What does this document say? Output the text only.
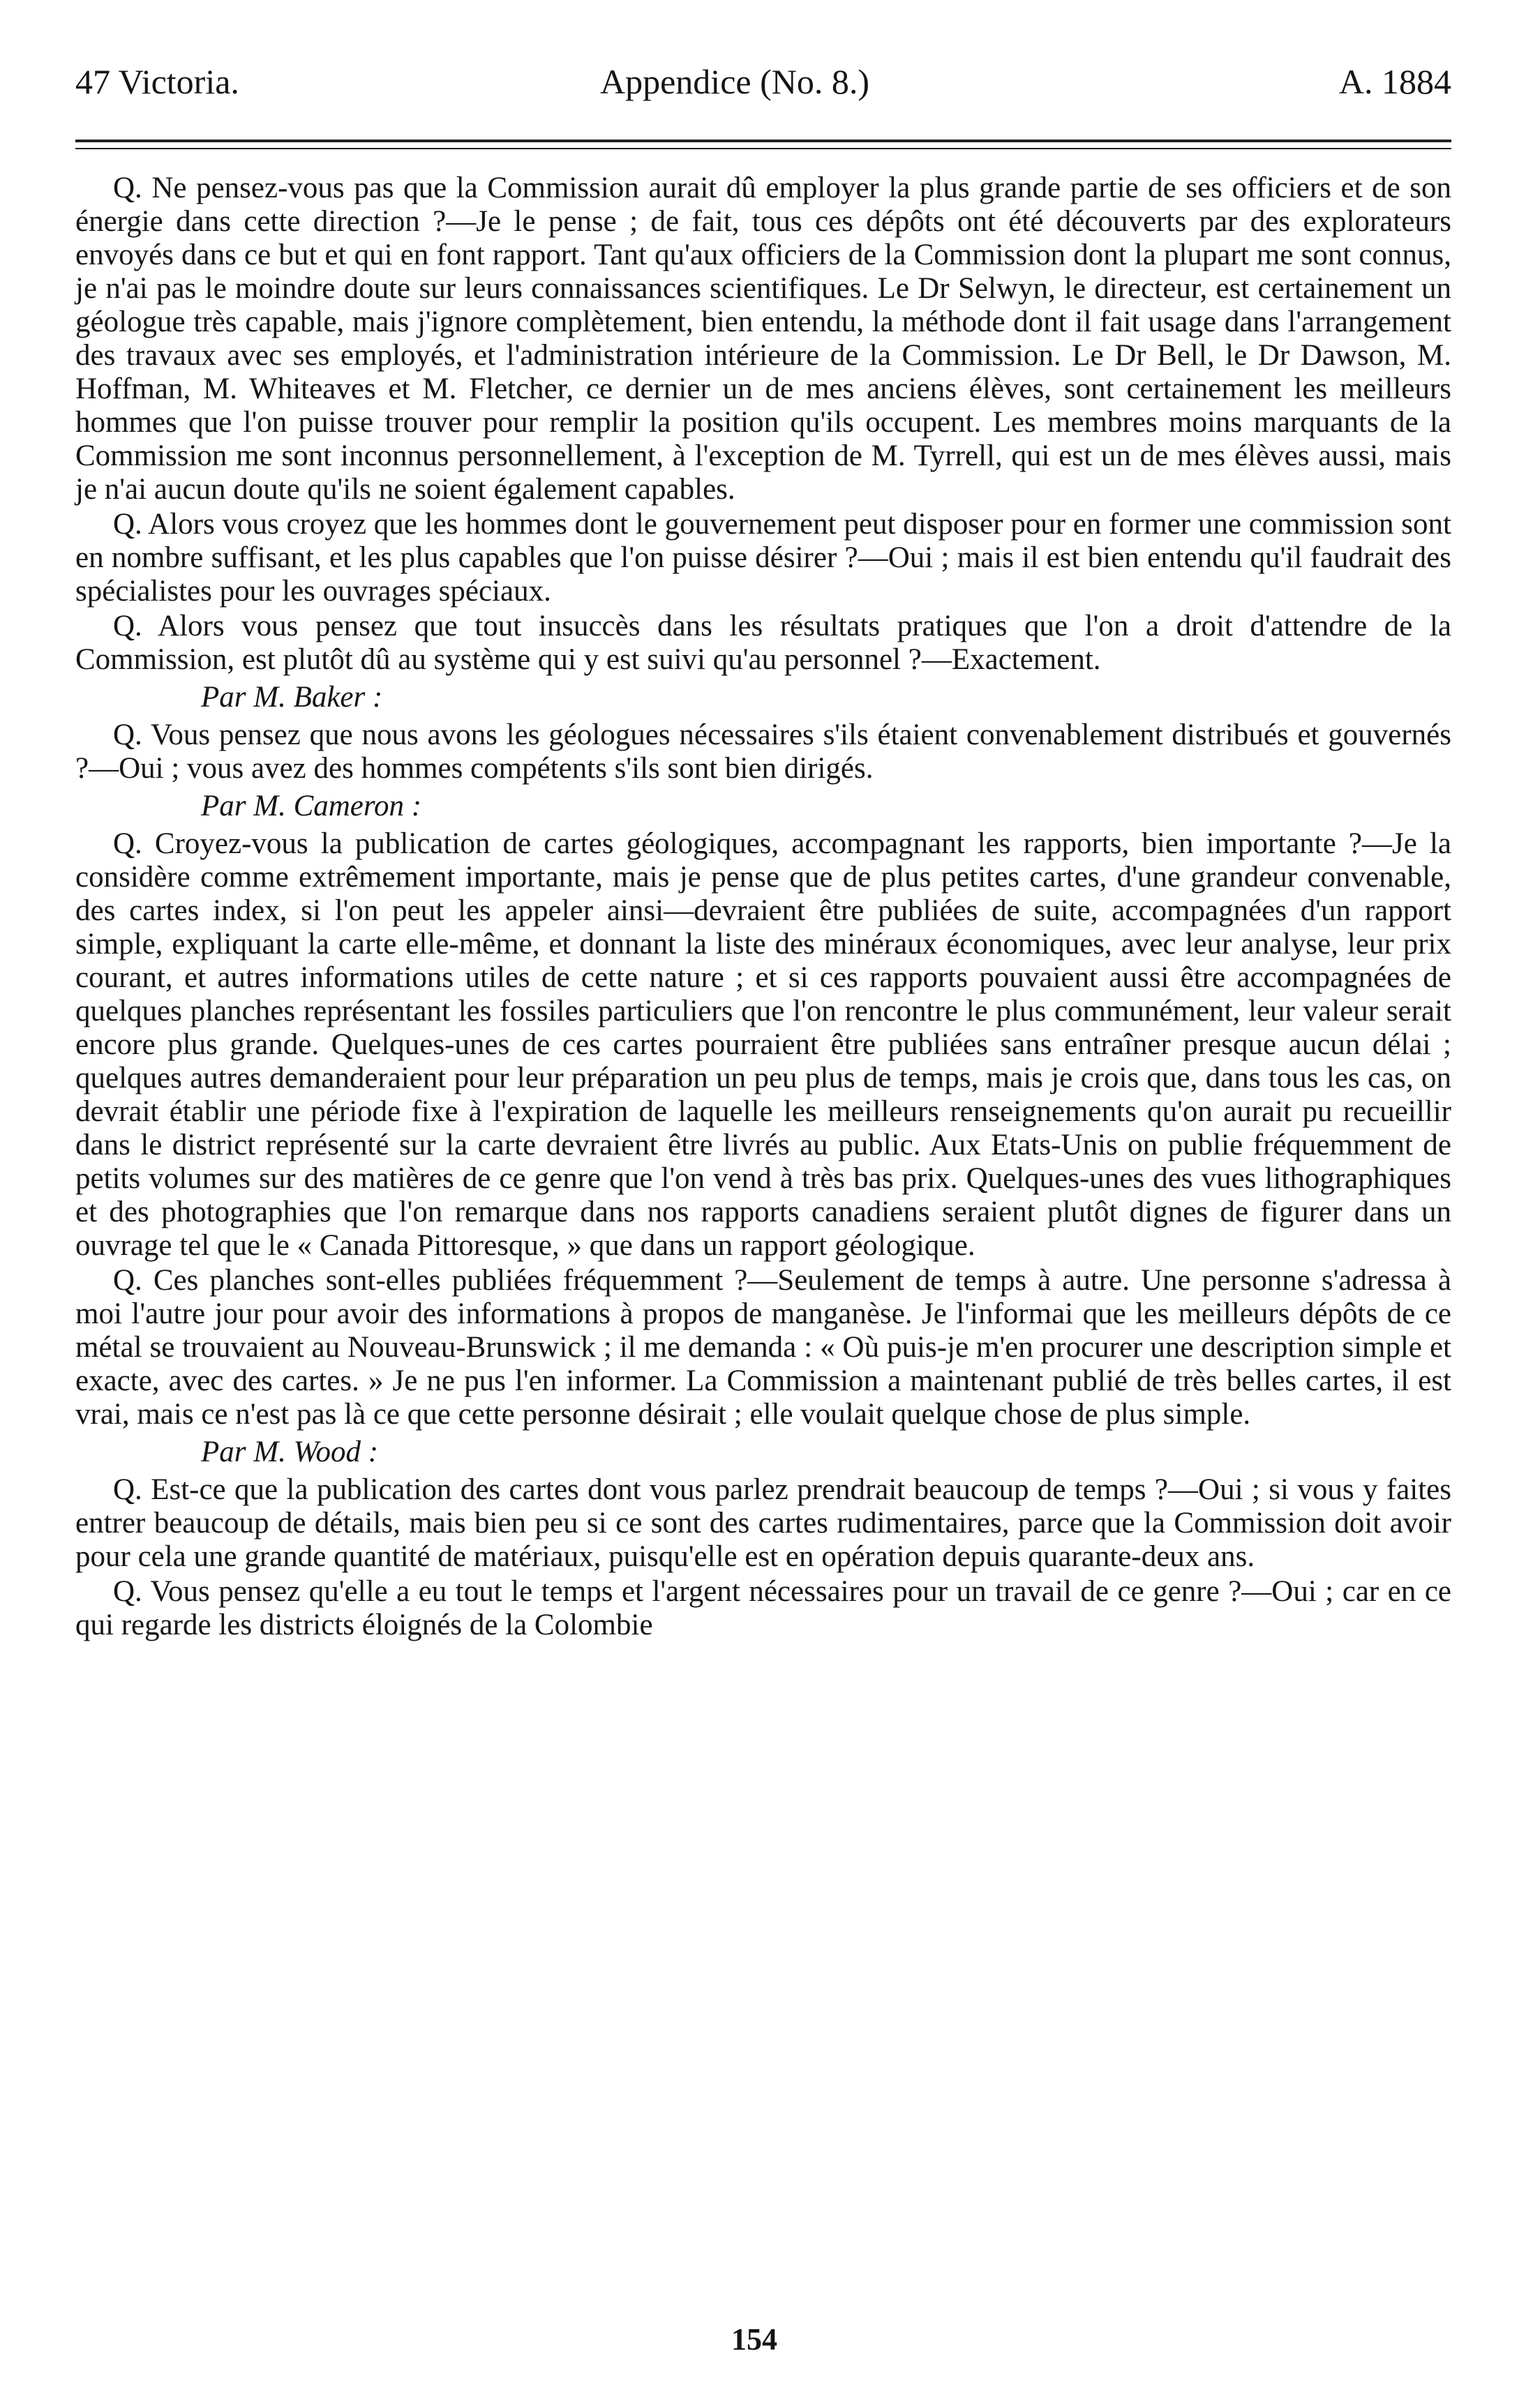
47 Victoria.	Appendice (No. 8.)	A. 1884

Q. Ne pensez-vous pas que la Commission aurait dû employer la plus grande partie de ses officiers et de son énergie dans cette direction ?—Je le pense ; de fait, tous ces dépôts ont été découverts par des explorateurs envoyés dans ce but et qui en font rapport. Tant qu'aux officiers de la Commission dont la plupart me sont connus, je n'ai pas le moindre doute sur leurs connaissances scientifiques. Le Dr Selwyn, le directeur, est certainement un géologue très capable, mais j'ignore complètement, bien entendu, la méthode dont il fait usage dans l'arrangement des travaux avec ses employés, et l'administration intérieure de la Commission. Le Dr Bell, le Dr Dawson, M. Hoffman, M. Whiteaves et M. Fletcher, ce dernier un de mes anciens élèves, sont certainement les meilleurs hommes que l'on puisse trouver pour remplir la position qu'ils occupent. Les membres moins marquants de la Commission me sont inconnus personnellement, à l'exception de M. Tyrrell, qui est un de mes élèves aussi, mais je n'ai aucun doute qu'ils ne soient également capables.

Q. Alors vous croyez que les hommes dont le gouvernement peut disposer pour en former une commission sont en nombre suffisant, et les plus capables que l'on puisse désirer ?—Oui ; mais il est bien entendu qu'il faudrait des spécialistes pour les ouvrages spéciaux.

Q. Alors vous pensez que tout insuccès dans les résultats pratiques que l'on a droit d'attendre de la Commission, est plutôt dû au système qui y est suivi qu'au personnel ?—Exactement.

Par M. Baker :

Q. Vous pensez que nous avons les géologues nécessaires s'ils étaient convenablement distribués et gouvernés ?—Oui ; vous avez des hommes compétents s'ils sont bien dirigés.

Par M. Cameron :

Q. Croyez-vous la publication de cartes géologiques, accompagnant les rapports, bien importante ?—Je la considère comme extrêmement importante, mais je pense que de plus petites cartes, d'une grandeur convenable, des cartes index, si l'on peut les appeler ainsi—devraient être publiées de suite, accompagnées d'un rapport simple, expliquant la carte elle-même, et donnant la liste des minéraux économiques, avec leur analyse, leur prix courant, et autres informations utiles de cette nature ; et si ces rapports pouvaient aussi être accompagnées de quelques planches représentant les fossiles particuliers que l'on rencontre le plus communément, leur valeur serait encore plus grande. Quelques-unes de ces cartes pourraient être publiées sans entraîner presque aucun délai ; quelques autres demanderaient pour leur préparation un peu plus de temps, mais je crois que, dans tous les cas, on devrait établir une période fixe à l'expiration de laquelle les meilleurs renseignements qu'on aurait pu recueillir dans le district représenté sur la carte devraient être livrés au public. Aux Etats-Unis on publie fréquemment de petits volumes sur des matières de ce genre que l'on vend à très bas prix. Quelques-unes des vues lithographiques et des photographies que l'on remarque dans nos rapports canadiens seraient plutôt dignes de figurer dans un ouvrage tel que le « Canada Pittoresque, » que dans un rapport géologique.

Q. Ces planches sont-elles publiées fréquemment ?—Seulement de temps à autre. Une personne s'adressa à moi l'autre jour pour avoir des informations à propos de manganèse. Je l'informai que les meilleurs dépôts de ce métal se trouvaient au Nouveau-Brunswick ; il me demanda : « Où puis-je m'en procurer une description simple et exacte, avec des cartes. » Je ne pus l'en informer. La Commission a maintenant publié de très belles cartes, il est vrai, mais ce n'est pas là ce que cette personne désirait ; elle voulait quelque chose de plus simple.

Par M. Wood :

Q. Est-ce que la publication des cartes dont vous parlez prendrait beaucoup de temps ?—Oui ; si vous y faites entrer beaucoup de détails, mais bien peu si ce sont des cartes rudimentaires, parce que la Commission doit avoir pour cela une grande quantité de matériaux, puisqu'elle est en opération depuis quarante-deux ans.

Q. Vous pensez qu'elle a eu tout le temps et l'argent nécessaires pour un travail de ce genre ?—Oui ; car en ce qui regarde les districts éloignés de la Colombie

154
